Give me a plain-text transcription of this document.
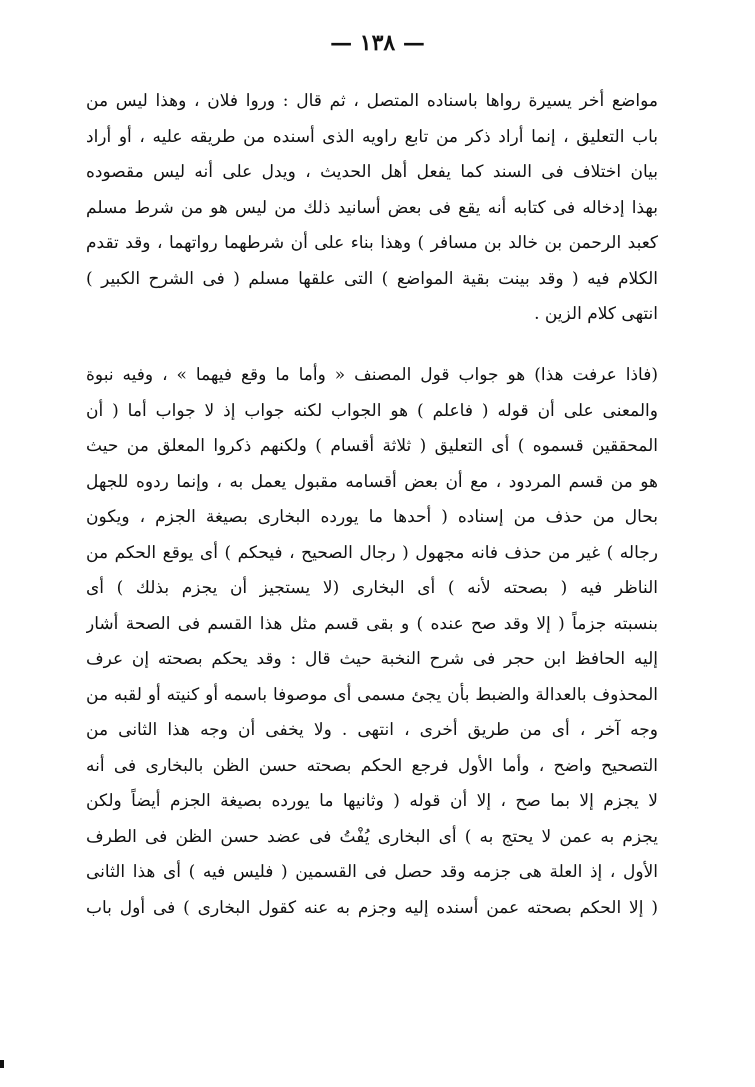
— ١٣٨ —
مواضع أخر يسيرة رواها باسناده المتصل ، ثم قال : وروا فلان ، وهذا ليس من
باب التعليق ، إنما أراد ذكر من تابع راويه الذى أسنده من طريقه عليه ، أو أراد
بيان اختلاف فى السند كما يفعل أهل الحديث ، ويدل على أنه ليس مقصوده
بهذا إدخاله فى كتابه أنه يقع فى بعض أسانيد ذلك من ليس هو من شرط مسلم
كعبد الرحمن بن خالد بن مسافر ) وهذا بناء على أن شرطهما رواتهما ، وقد تقدم
الكلام فيه ( وقد بينت بقية المواضع ) التى علقها مسلم ( فى الشرح الكبير )
انتهى كلام الزين .
(فاذا عرفت هذا) هو جواب قول المصنف « وأما ما وقع فيهما » ، وفيه نبوة
والمعنى على أن قوله ( فاعلم ) هو الجواب لكنه جواب إذ لا جواب أما ( أن
المحققين قسموه ) أى التعليق ( ثلاثة أقسام ) ولكنهم ذكروا المعلق من حيث
هو من قسم المردود ، مع أن بعض أقسامه مقبول يعمل به ، وإنما ردوه للجهل
بحال من حذف من إسناده ( أحدها ما يورده البخارى بصيغة الجزم ، ويكون
رجاله ) غير من حذف فانه مجهول ( رجال الصحيح ، فيحكم ) أى يوقع الحكم من
الناظر فيه ( بصحته لأنه ) أى البخارى (لا يستجيز أن يجزم بذلك ) أى
بنسبته جزماً ( إلا وقد صح عنده ) و بقى قسم مثل هذا القسم فى الصحة أشار
إليه الحافظ ابن حجر فى شرح النخبة حيث قال : وقد يحكم بصحته إن عرف
المحذوف بالعدالة والضبط بأن يجئ مسمى أى موصوفا باسمه أو كنيته أو لقبه من
وجه آخر ، أى من طريق أخرى ، انتهى . ولا يخفى أن وجه هذا الثانى من
التصحيح واضح ، وأما الأول فرجع الحكم بصحته حسن الظن بالبخارى فى أنه
لا يجزم إلا بما صح ، إلا أن قوله ( وثانيها ما يورده بصيغة الجزم أيضاً ولكن
يجزم به عمن لا يحتج به ) أى البخارى يُفْتُ فى عضد حسن الظن فى الطرف
الأول ، إذ العلة هى جزمه وقد حصل فى القسمين ( فليس فيه ) أى هذا الثانى
( إلا الحكم بصحته عمن أسنده إليه وجزم به عنه كقول البخارى ) فى أول باب
